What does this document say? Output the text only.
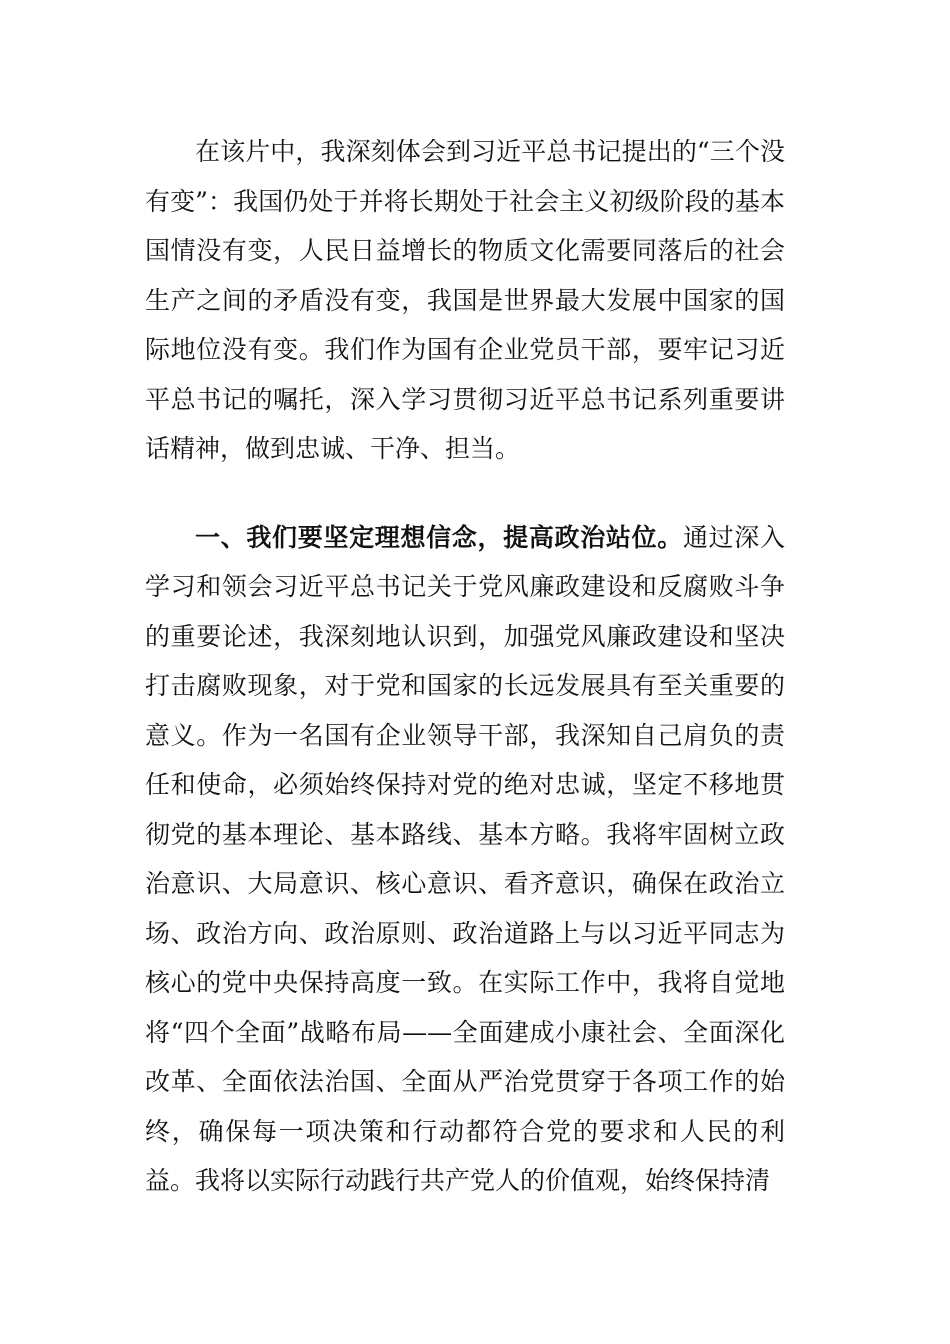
在该片中，我深刻体会到习近平总书记提出的“三个没有变”：我国仍处于并将长期处于社会主义初级阶段的基本国情没有变，人民日益增长的物质文化需要同落后的社会生产之间的矛盾没有变，我国是世界最大发展中国家的国际地位没有变。我们作为国有企业党员干部，要牢记习近平总书记的嘱托，深入学习贯彻习近平总书记系列重要讲话精神，做到忠诚、干净、担当。

一、我们要坚定理想信念，提高政治站位。通过深入学习和领会习近平总书记关于党风廉政建设和反腐败斗争的重要论述，我深刻地认识到，加强党风廉政建设和坚决打击腐败现象，对于党和国家的长远发展具有至关重要的意义。作为一名国有企业领导干部，我深知自己肩负的责任和使命，必须始终保持对党的绝对忠诚，坚定不移地贯彻党的基本理论、基本路线、基本方略。我将牢固树立政治意识、大局意识、核心意识、看齐意识，确保在政治立场、政治方向、政治原则、政治道路上与以习近平同志为核心的党中央保持高度一致。在实际工作中，我将自觉地将“四个全面”战略布局——全面建成小康社会、全面深化改革、全面依法治国、全面从严治党贯穿于各项工作的始终，确保每一项决策和行动都符合党的要求和人民的利益。我将以实际行动践行共产党人的价值观，始终保持清
